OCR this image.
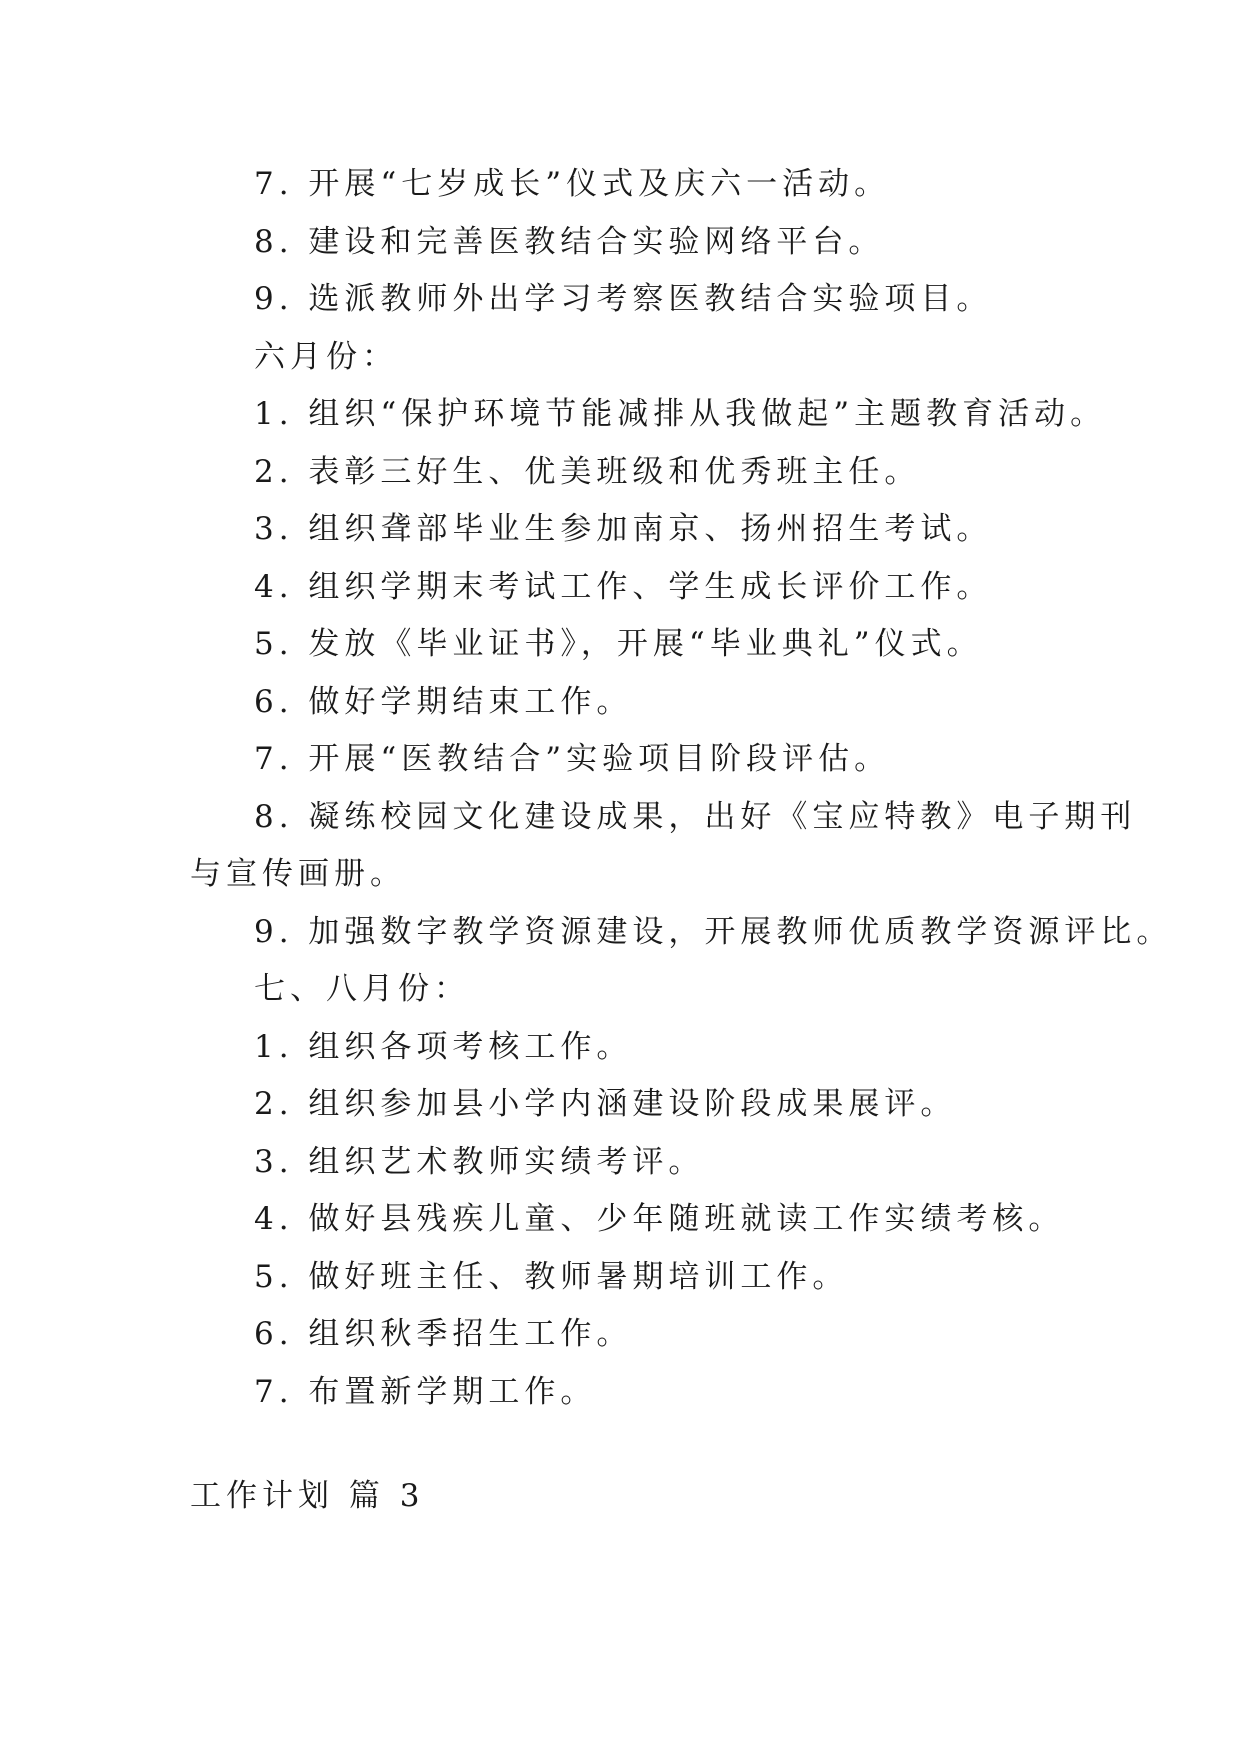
7. 开展“七岁成长”仪式及庆六一活动。
8. 建设和完善医教结合实验网络平台。
9. 选派教师外出学习考察医教结合实验项目。
六月份：
1. 组织“保护环境节能减排从我做起”主题教育活动。
2. 表彰三好生、优美班级和优秀班主任。
3. 组织聋部毕业生参加南京、扬州招生考试。
4. 组织学期末考试工作、学生成长评价工作。
5. 发放《毕业证书》，开展“毕业典礼”仪式。
6. 做好学期结束工作。
7. 开展“医教结合”实验项目阶段评估。
8. 凝练校园文化建设成果，出好《宝应特教》电子期刊
与宣传画册。
9. 加强数字教学资源建设，开展教师优质教学资源评比。
七、八月份：
1. 组织各项考核工作。
2. 组织参加县小学内涵建设阶段成果展评。
3. 组织艺术教师实绩考评。
4. 做好县残疾儿童、少年随班就读工作实绩考核。
5. 做好班主任、教师暑期培训工作。
6. 组织秋季招生工作。
7. 布置新学期工作。
工作计划 篇 3
